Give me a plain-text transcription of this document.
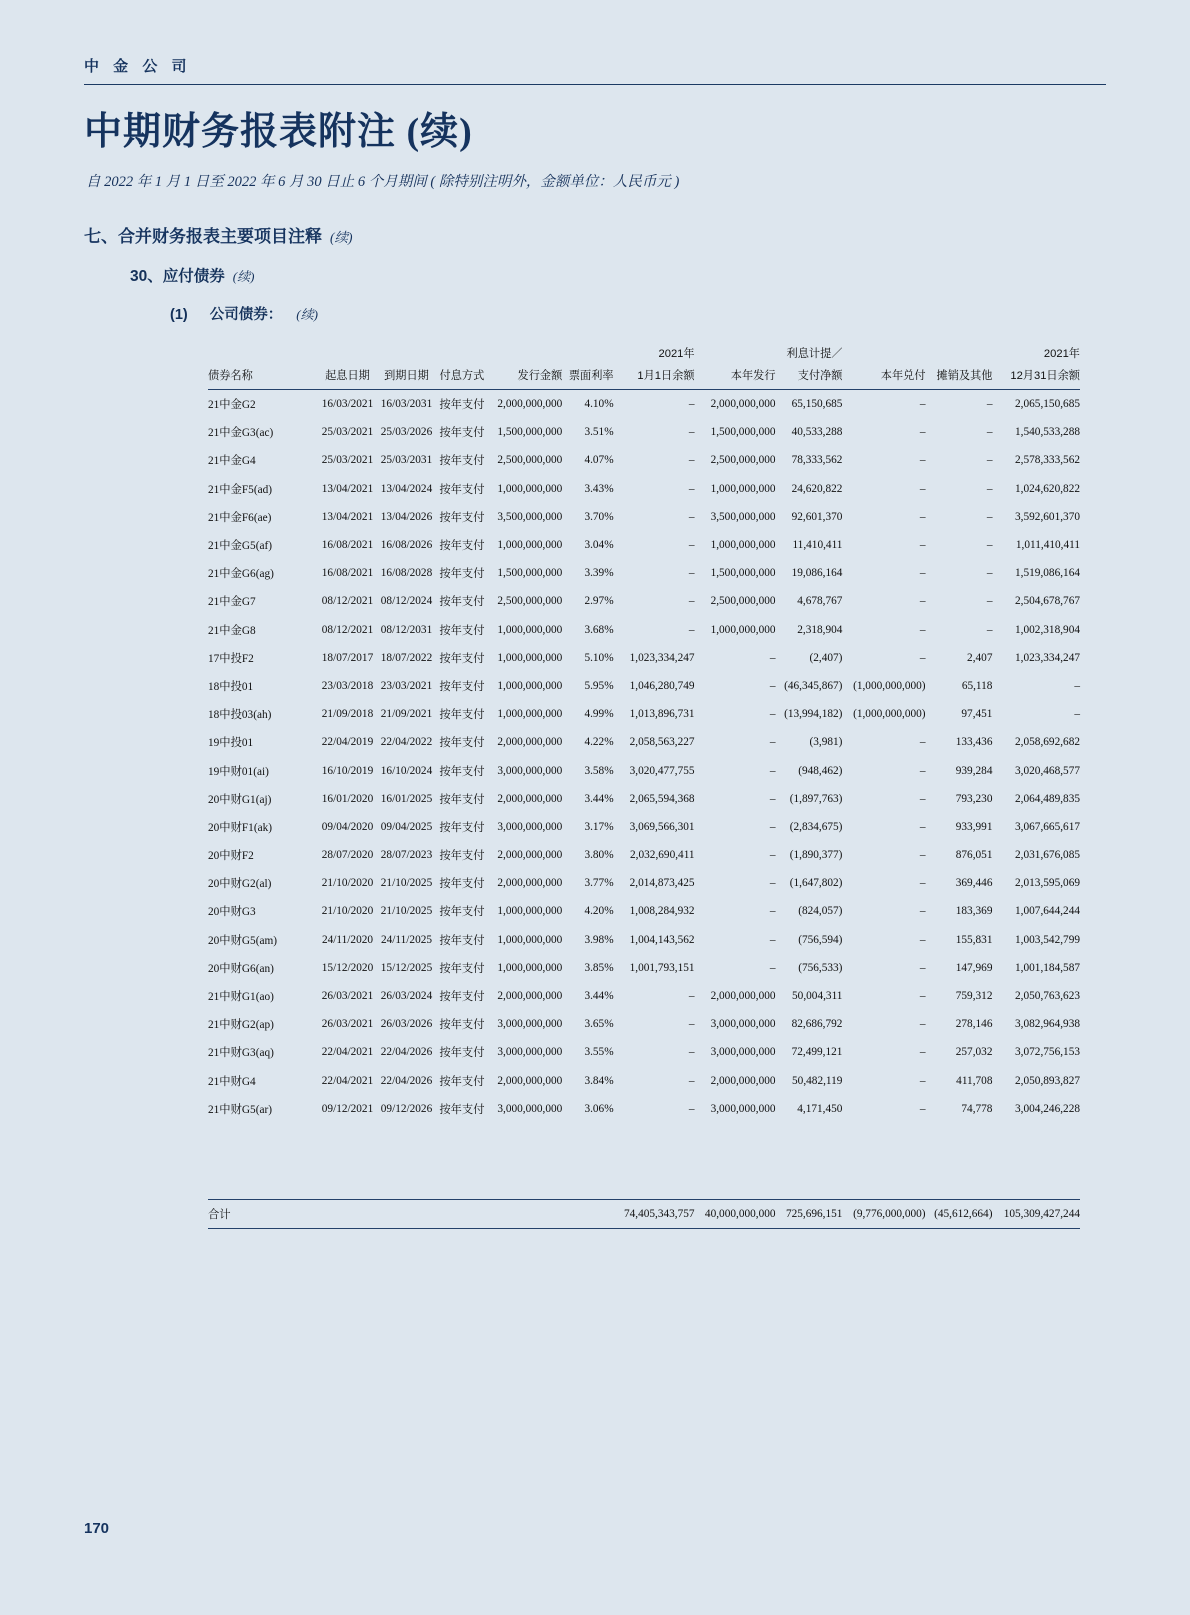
中 金 公 司
中期财务报表附注 (续)
自 2022 年 1 月 1 日至 2022 年 6 月 30 日止 6 个月期间 ( 除特别注明外，金额单位：人民币元 )
七、合并财务报表主要项目注释 (续)
30、应付债券 (续)
(1) 公司债券： (续)
						2021年		利息计提／			2021年
债券名称	起息日期	到期日期	付息方式	发行金额	票面利率	1月1日余额	本年发行	支付净额	本年兑付	摊销及其他	12月31日余额
21中金G2	16/03/2021	16/03/2031	按年支付	2,000,000,000	4.10%	–	2,000,000,000	65,150,685	–	–	2,065,150,685
21中金G3(ac)	25/03/2021	25/03/2026	按年支付	1,500,000,000	3.51%	–	1,500,000,000	40,533,288	–	–	1,540,533,288
21中金G4	25/03/2021	25/03/2031	按年支付	2,500,000,000	4.07%	–	2,500,000,000	78,333,562	–	–	2,578,333,562
21中金F5(ad)	13/04/2021	13/04/2024	按年支付	1,000,000,000	3.43%	–	1,000,000,000	24,620,822	–	–	1,024,620,822
21中金F6(ae)	13/04/2021	13/04/2026	按年支付	3,500,000,000	3.70%	–	3,500,000,000	92,601,370	–	–	3,592,601,370
21中金G5(af)	16/08/2021	16/08/2026	按年支付	1,000,000,000	3.04%	–	1,000,000,000	11,410,411	–	–	1,011,410,411
21中金G6(ag)	16/08/2021	16/08/2028	按年支付	1,500,000,000	3.39%	–	1,500,000,000	19,086,164	–	–	1,519,086,164
21中金G7	08/12/2021	08/12/2024	按年支付	2,500,000,000	2.97%	–	2,500,000,000	4,678,767	–	–	2,504,678,767
21中金G8	08/12/2021	08/12/2031	按年支付	1,000,000,000	3.68%	–	1,000,000,000	2,318,904	–	–	1,002,318,904
17中投F2	18/07/2017	18/07/2022	按年支付	1,000,000,000	5.10%	1,023,334,247	–	(2,407)	–	2,407	1,023,334,247
18中投01	23/03/2018	23/03/2021	按年支付	1,000,000,000	5.95%	1,046,280,749	–	(46,345,867)	(1,000,000,000)	65,118	–
18中投03(ah)	21/09/2018	21/09/2021	按年支付	1,000,000,000	4.99%	1,013,896,731	–	(13,994,182)	(1,000,000,000)	97,451	–
19中投01	22/04/2019	22/04/2022	按年支付	2,000,000,000	4.22%	2,058,563,227	–	(3,981)	–	133,436	2,058,692,682
19中财01(ai)	16/10/2019	16/10/2024	按年支付	3,000,000,000	3.58%	3,020,477,755	–	(948,462)	–	939,284	3,020,468,577
20中财G1(aj)	16/01/2020	16/01/2025	按年支付	2,000,000,000	3.44%	2,065,594,368	–	(1,897,763)	–	793,230	2,064,489,835
20中财F1(ak)	09/04/2020	09/04/2025	按年支付	3,000,000,000	3.17%	3,069,566,301	–	(2,834,675)	–	933,991	3,067,665,617
20中财F2	28/07/2020	28/07/2023	按年支付	2,000,000,000	3.80%	2,032,690,411	–	(1,890,377)	–	876,051	2,031,676,085
20中财G2(al)	21/10/2020	21/10/2025	按年支付	2,000,000,000	3.77%	2,014,873,425	–	(1,647,802)	–	369,446	2,013,595,069
20中财G3	21/10/2020	21/10/2025	按年支付	1,000,000,000	4.20%	1,008,284,932	–	(824,057)	–	183,369	1,007,644,244
20中财G5(am)	24/11/2020	24/11/2025	按年支付	1,000,000,000	3.98%	1,004,143,562	–	(756,594)	–	155,831	1,003,542,799
20中财G6(an)	15/12/2020	15/12/2025	按年支付	1,000,000,000	3.85%	1,001,793,151	–	(756,533)	–	147,969	1,001,184,587
21中财G1(ao)	26/03/2021	26/03/2024	按年支付	2,000,000,000	3.44%	–	2,000,000,000	50,004,311	–	759,312	2,050,763,623
21中财G2(ap)	26/03/2021	26/03/2026	按年支付	3,000,000,000	3.65%	–	3,000,000,000	82,686,792	–	278,146	3,082,964,938
21中财G3(aq)	22/04/2021	22/04/2026	按年支付	3,000,000,000	3.55%	–	3,000,000,000	72,499,121	–	257,032	3,072,756,153
21中财G4	22/04/2021	22/04/2026	按年支付	2,000,000,000	3.84%	–	2,000,000,000	50,482,119	–	411,708	2,050,893,827
21中财G5(ar)	09/12/2021	09/12/2026	按年支付	3,000,000,000	3.06%	–	3,000,000,000	4,171,450	–	74,778	3,004,246,228

合计						74,405,343,757	40,000,000,000	725,696,151	(9,776,000,000)	(45,612,664)	105,309,427,244

170
